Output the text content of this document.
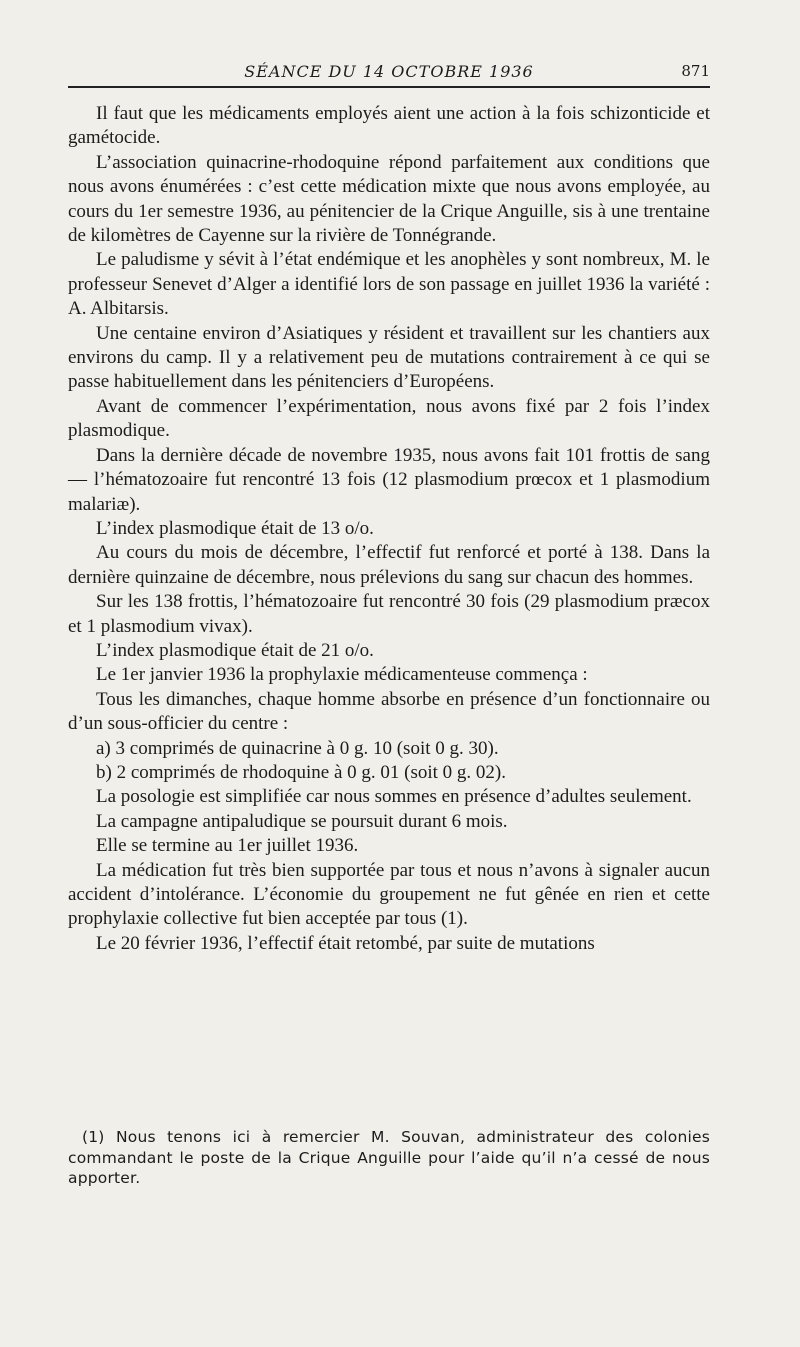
SÉANCE DU 14 OCTOBRE 1936	871

Il faut que les médicaments employés aient une action à la fois schizonticide et gamétocide.

L’association quinacrine-rhodoquine répond parfaitement aux conditions que nous avons énumérées : c’est cette médication mixte que nous avons employée, au cours du 1er semestre 1936, au pénitencier de la Crique Anguille, sis à une trentaine de kilomètres de Cayenne sur la rivière de Tonnégrande.

Le paludisme y sévit à l’état endémique et les anophèles y sont nombreux, M. le professeur Senevet d’Alger a identifié lors de son passage en juillet 1936 la variété : A. Albitarsis.

Une centaine environ d’Asiatiques y résident et travaillent sur les chantiers aux environs du camp. Il y a relativement peu de mutations contrairement à ce qui se passe habituellement dans les pénitenciers d’Européens.

Avant de commencer l’expérimentation, nous avons fixé par 2 fois l’index plasmodique.

Dans la dernière décade de novembre 1935, nous avons fait 101 frottis de sang — l’hématozoaire fut rencontré 13 fois (12 plasmodium prœcox et 1 plasmodium malariæ).

L’index plasmodique était de 13 o/o.

Au cours du mois de décembre, l’effectif fut renforcé et porté à 138. Dans la dernière quinzaine de décembre, nous prélevions du sang sur chacun des hommes.

Sur les 138 frottis, l’hématozoaire fut rencontré 30 fois (29 plasmodium præcox et 1 plasmodium vivax).

L’index plasmodique était de 21 o/o.

Le 1er janvier 1936 la prophylaxie médicamenteuse commença :

Tous les dimanches, chaque homme absorbe en présence d’un fonctionnaire ou d’un sous-officier du centre :

a) 3 comprimés de quinacrine à 0 g. 10 (soit 0 g. 30).

b) 2 comprimés de rhodoquine à 0 g. 01 (soit 0 g. 02).

La posologie est simplifiée car nous sommes en présence d’adultes seulement.

La campagne antipaludique se poursuit durant 6 mois.

Elle se termine au 1er juillet 1936.

La médication fut très bien supportée par tous et nous n’avons à signaler aucun accident d’intolérance. L’économie du groupement ne fut gênée en rien et cette prophylaxie collective fut bien acceptée par tous (1).

Le 20 février 1936, l’effectif était retombé, par suite de mutations

(1) Nous tenons ici à remercier M. Souvan, administrateur des colonies commandant le poste de la Crique Anguille pour l’aide qu’il n’a cessé de nous apporter.
